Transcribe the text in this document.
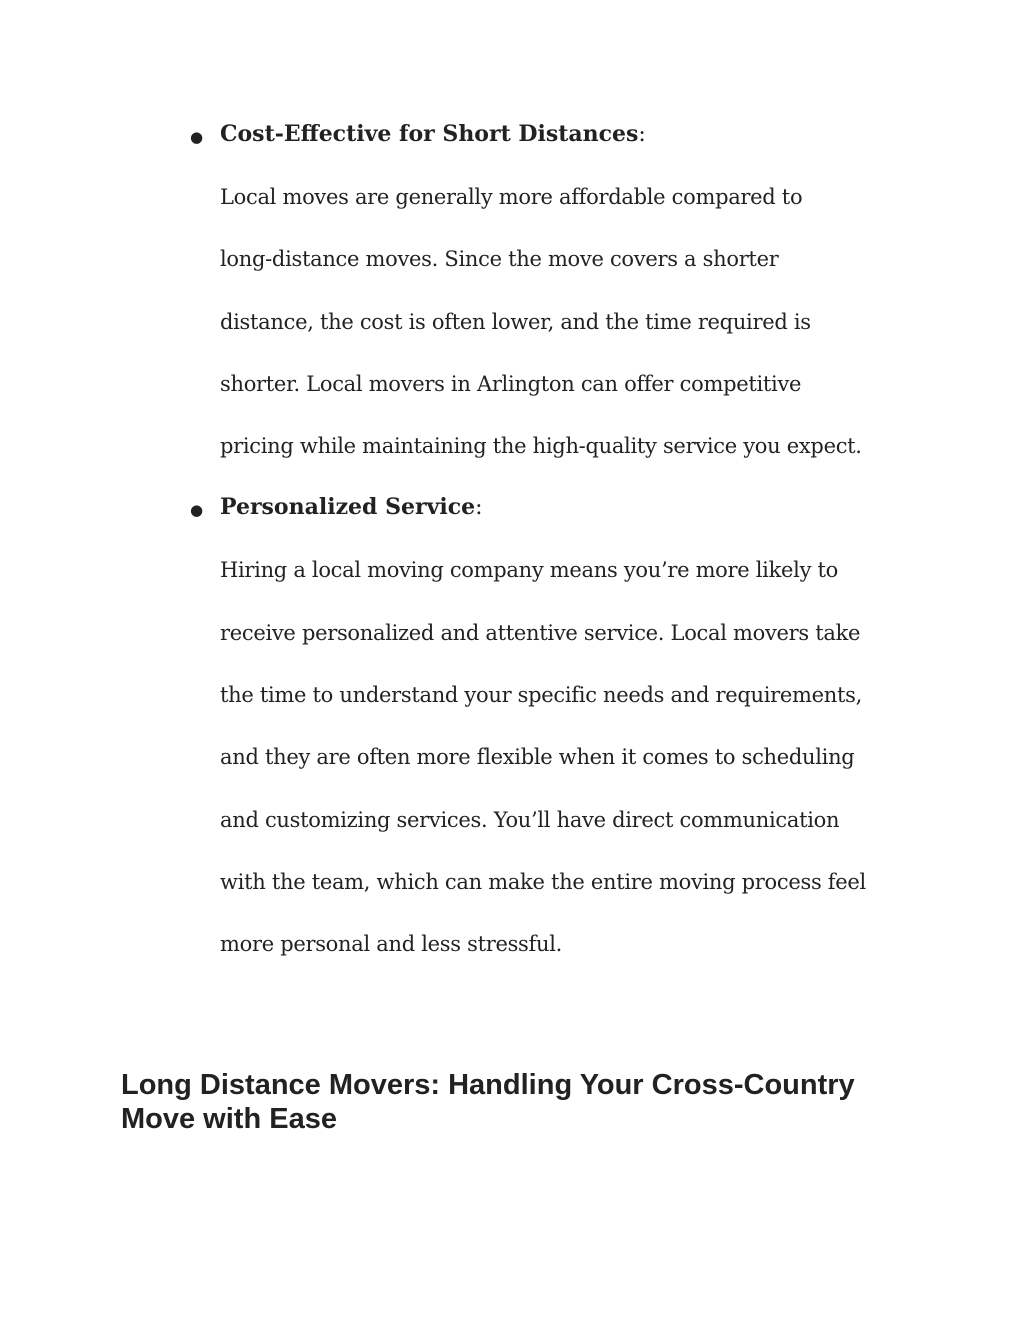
● Cost-Effective for Short Distances:
Local moves are generally more affordable compared to
long-distance moves. Since the move covers a shorter
distance, the cost is often lower, and the time required is
shorter. Local movers in Arlington can offer competitive
pricing while maintaining the high-quality service you expect.
● Personalized Service:
Hiring a local moving company means you’re more likely to
receive personalized and attentive service. Local movers take
the time to understand your specific needs and requirements,
and they are often more flexible when it comes to scheduling
and customizing services. You’ll have direct communication
with the team, which can make the entire moving process feel
more personal and less stressful.
Long Distance Movers: Handling Your Cross-Country
Move with Ease
